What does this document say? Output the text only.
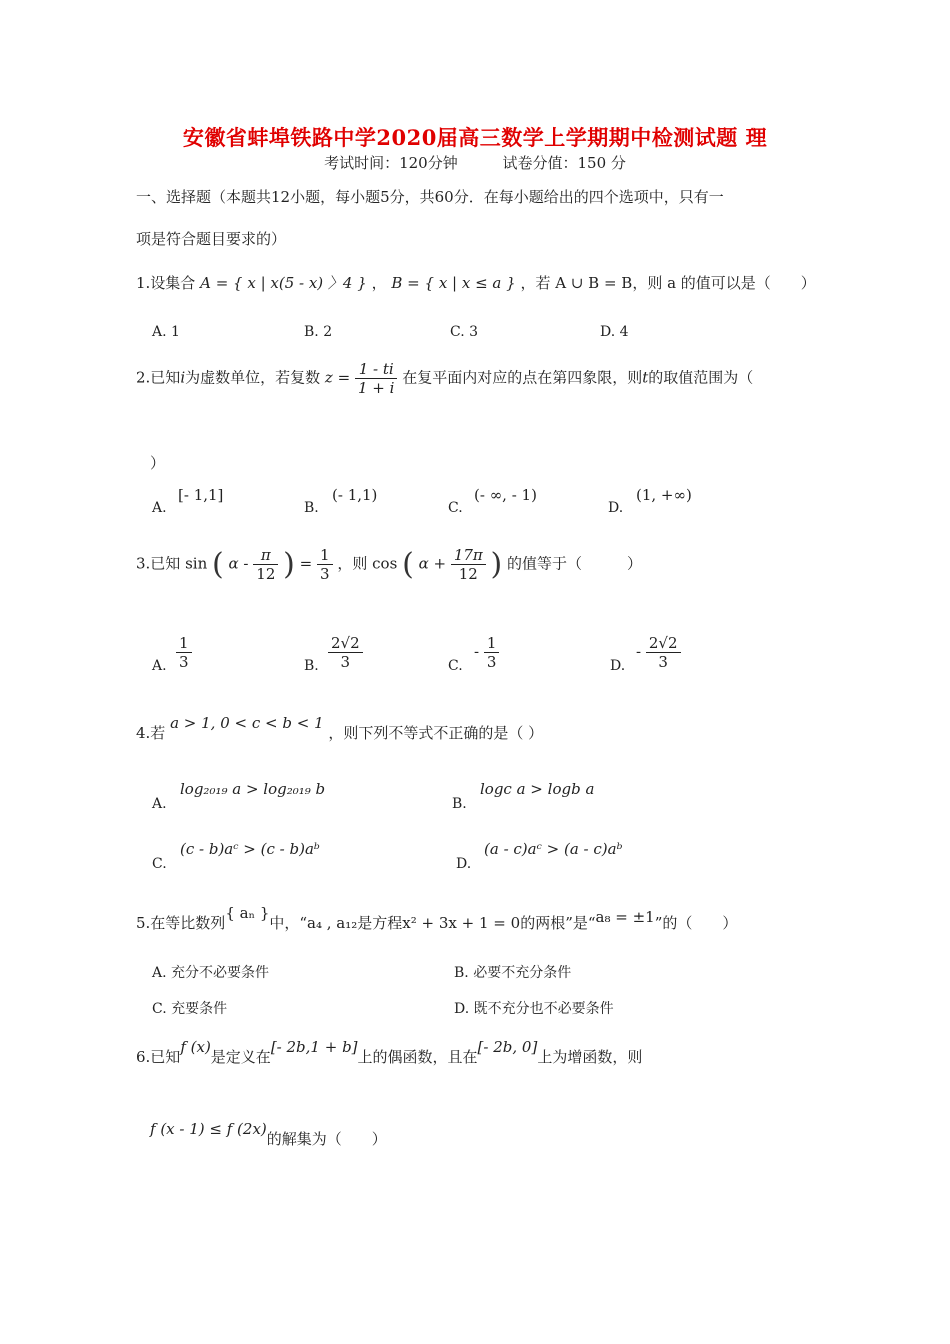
安徽省蚌埠铁路中学2020届高三数学上学期期中检测试题 理
考试时间：120分钟	试卷分值：150 分
一、选择题（本题共12小题，每小题5分，共60分．在每小题给出的四个选项中，只有一
项是符合题目要求的）
1.设集合 A = { x | x(5 - x) 〉4 } ， B = { x | x ≤ a } ，若 A ∪ B = B，则 a 的值可以是（　　）
A. 1	B. 2	C. 3	D. 4
2.已知i为虚数单位，若复数 $z = \frac{1 - ti}{1 + i}$ 在复平面内对应的点在第四象限，则t的取值范围为（
）
A.
[- 1,1]
B.
(- 1,1)
C.
(- ∞, - 1)
D.
(1, +∞)
3.已知 sin ( α - $\frac{\pi}{12}$ ) = $\frac{1}{3}$ ，则 cos ( $\alpha + \frac{17\pi}{12}$ ) 的值等于（　　　）
A. $\frac{1}{3}$	B. $\frac{2√2}{3}$	C.
- $\frac{1}{3}$	D.
- $\frac{2√2}{3}$
4.若 a > 1, 0 < c < b < 1 ，则下列不等式不正确的是（ ）
A.
log₂₀₁₉ a > log₂₀₁₉ b
B.
logc a > logb a
C.
(c - b)aᶜ > (c - b)aᵇ
D.
(a - c)aᶜ > (a - c)aᵇ
5.在等比数列{ aₙ }中，“a₄ , a₁₂是方程x² + 3x + 1 = 0的两根”是“a₈ = ±1”的（　　）
A. 充分不必要条件	B. 必要不充分条件
C. 充要条件	D. 既不充分也不必要条件
6.已知f (x)是定义在[- 2b,1 + b]上的偶函数，且在[- 2b, 0]上为增函数，则
f (x - 1) ≤ f (2x)的解集为（　　）
